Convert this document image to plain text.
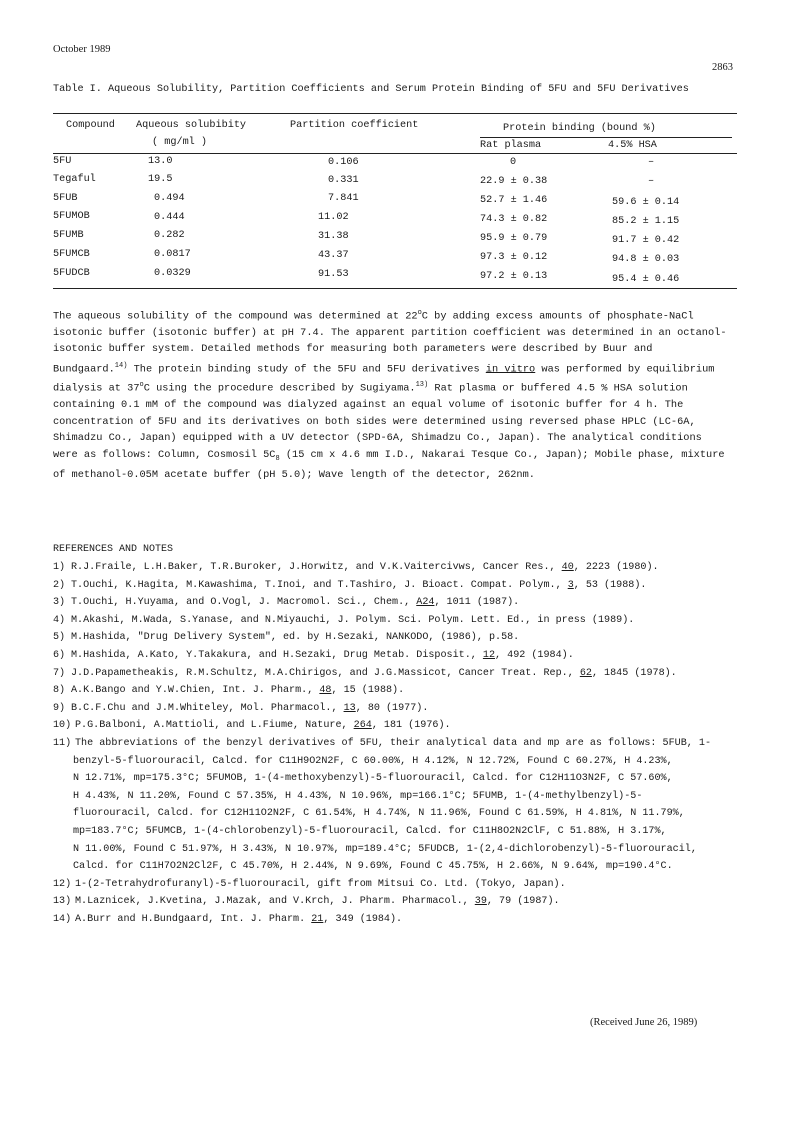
October 1989
2863
Table I. Aqueous Solubility, Partition Coefficients and Serum Protein Binding of 5FU and 5FU Derivatives
Compound Aqueous solubibity
( mg/ml )
Partition coefficient	Protein binding (bound %)
Rat plasma	4.5% HSA
5FU	13.0	0.106	0	–
Tegaful	19.5	0.331	22.9 ± 0.38	–
5FUB	0.494	7.841	52.7 ± 1.46	59.6 ± 0.14
5FUMOB	0.444	11.02	74.3 ± 0.82	85.2 ± 1.15
5FUMB	0.282	31.38	95.9 ± 0.79	91.7 ± 0.42
5FUMCB	0.0817	43.37	97.3 ± 0.12	94.8 ± 0.03
5FUDCB	0.0329	91.53	97.2 ± 0.13	95.4 ± 0.46
The aqueous solubility of the compound was determined at 22$^o$C by adding excess amounts of phosphate-NaCl
isotonic buffer (isotonic buffer) at pH 7.4. The apparent partition coefficient was determined in an octanol-
isotonic buffer system. Detailed methods for measuring both parameters were described by Buur and
Bundgaard.$^{14)}$ The protein binding study of the 5FU and 5FU derivatives in vitro was performed by equilibrium
dialysis at 37$^o$C using the procedure described by Sugiyama.$^{13)}$ Rat plasma or buffered 4.5 % HSA solution
containing 0.1 mM of the compound was dialyzed against an equal volume of isotonic buffer for 4 h. The
concentration of 5FU and its derivatives on both sides were determined using reversed phase HPLC (LC-6A,
Shimadzu Co., Japan) equipped with a UV detector (SPD-6A, Shimadzu Co., Japan). The analytical conditions
were as follows: Column, Cosmosil $5C_8$ (15 cm x 4.6 mm I.D., Nakarai Tesque Co., Japan); Mobile phase, mixture
of methanol-0.05M acetate buffer (pH 5.0); Wave length of the detector, 262nm.
REFERENCES AND NOTES
1) R.J.Fraile, L.H.Baker, T.R.Buroker, J.Horwitz, and V.K.Vaitercivws, Cancer Res., 40, 2223 (1980).
2) T.Ouchi, K.Hagita, M.Kawashima, T.Inoi, and T.Tashiro, J. Bioact. Compat. Polym., 3, 53 (1988).
3) T.Ouchi, H.Yuyama, and O.Vogl, J. Macromol. Sci., Chem., A24, 1011 (1987).
4) M.Akashi, M.Wada, S.Yanase, and N.Miyauchi, J. Polym. Sci. Polym. Lett. Ed., in press (1989).
5) M.Hashida, "Drug Delivery System", ed. by H.Sezaki, NANKODO, (1986), p.58.
6) M.Hashida, A.Kato, Y.Takakura, and H.Sezaki, Drug Metab. Disposit., 12, 492 (1984).
7) J.D.Papametheakis, R.M.Schultz, M.A.Chirigos, and J.G.Massicot, Cancer Treat. Rep., 62, 1845 (1978).
8) A.K.Bango and Y.W.Chien, Int. J. Pharm., 48, 15 (1988).
9) B.C.F.Chu and J.M.Whiteley, Mol. Pharmacol., 13, 80 (1977).
10) P.G.Balboni, A.Mattioli, and L.Fiume, Nature, 264, 181 (1976).
11) The abbreviations of the benzyl derivatives of 5FU, their analytical data and mp are as follows: 5FUB, 1-
benzyl-5-fluorouracil, Calcd. for C11H9O2N2F, C 60.00%, H 4.12%, N 12.72%, Found C 60.27%, H 4.23%,
N 12.71%, mp=175.3°C; 5FUMOB, 1-(4-methoxybenzyl)-5-fluorouracil, Calcd. for C12H11O3N2F, C 57.60%,
H 4.43%, N 11.20%, Found C 57.35%, H 4.43%, N 10.96%, mp=166.1°C; 5FUMB, 1-(4-methylbenzyl)-5-
fluorouracil, Calcd. for C12H11O2N2F, C 61.54%, H 4.74%, N 11.96%, Found C 61.59%, H 4.81%, N 11.79%,
mp=183.7°C; 5FUMCB, 1-(4-chlorobenzyl)-5-fluorouracil, Calcd. for C11H8O2N2ClF, C 51.88%, H 3.17%,
N 11.00%, Found C 51.97%, H 3.43%, N 10.97%, mp=189.4°C; 5FUDCB, 1-(2,4-dichlorobenzyl)-5-fluorouracil,
Calcd. for C11H7O2N2Cl2F, C 45.70%, H 2.44%, N 9.69%, Found C 45.75%, H 2.66%, N 9.64%, mp=190.4°C.
12) 1-(2-Tetrahydrofuranyl)-5-fluorouracil, gift from Mitsui Co. Ltd. (Tokyo, Japan).
13) M.Laznicek, J.Kvetina, J.Mazak, and V.Krch, J. Pharm. Pharmacol., 39, 79 (1987).
14) A.Burr and H.Bundgaard, Int. J. Pharm. 21, 349 (1984).
(Received June 26, 1989)
